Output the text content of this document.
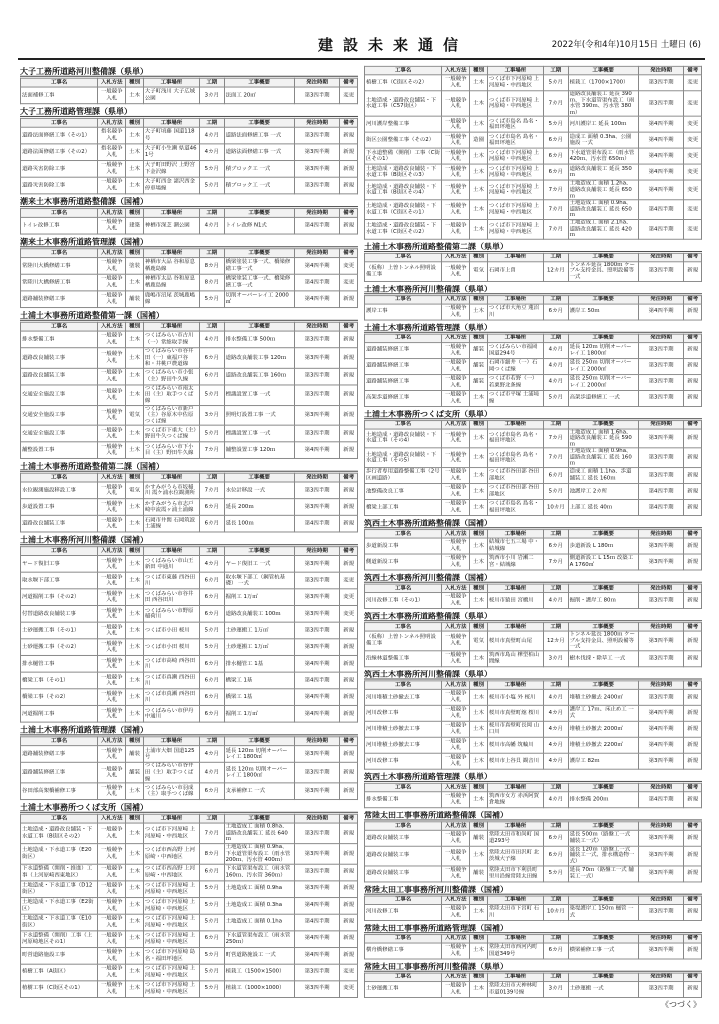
建設未来通信	2022年(令和4年)10月15日 土曜日 (6)
大子工務所道路河川整備課（県単）
工事名	入札方法	種別	工事場所	工期	工事概要	発注時期	備考
法面補修工事	一般競争入札	土木	大子町浅川 大子広域公園	3カ月	法面工 20㎡	第3四半期	変更
大子工務所道路管理課（県単）
工事名	入札方法	種別	工事場所	工期	工事概要	発注時期	備考
道路法面修繕工事（その1）	指名競争入札	土木	大子町頃藤 国道118号	4カ月	道路法面修繕工事 一式	第3四半期	新規
道路法面修繕工事（その2）	指名競争入札	土木	大子町小生瀬 県道461号	4カ月	道路法面修繕工事 一式	第3四半期	新規
道路災害防除工事	一般競争入札	土木	大子町田野沢 上野宮下金沢線	5カ月	積ブロック工 一式	第3四半期	新規
道路災害防除工事	一般競争入札	土木	大子町西金 諸沢西金停車場線	5カ月	積ブロック工 一式	第3四半期	新規
潮来土木事務所道路整備課（国補）
工事名	入札方法	種別	工事場所	工期	工事概要	発注時期	備考
トイレ改修工事	一般競争入札	建築	神栖市深芝 潮公園	4カ月	トイレ改修 N1式	第4四半期	新規
潮来土木事務所道路管理課（国補）
工事名	入札方法	種別	工事場所	工期	工事概要	発注時期	備考
常陸川大橋修繕工事	一般競争入札	塗装	神栖市大品 谷和原息栖鹿島線	8カ月	橋梁塗装工事一式、橋梁修繕工事一式	第4四半期	変更
常陸川大橋修繕工事	一般競争入札	土木	神栖市太品 谷和原息栖鹿島線	8カ月	橋梁塗装工事一式、橋梁修繕工事一式	第4四半期	変更
道路舗装修繕工事	一般競争入札	舗装	鹿嶋市沼尾 茨城鹿嶋線	5カ月	切削オーバーレイ工 2000㎡	第4四半期	新規
土浦土木事務所道路整備第一課（国補）
工事名	入札方法	種別	工事場所	工期	工事概要	発注時期	備考
排水整備工事	一般競争入札	土木	つくばみらい市古川（一）常総取手線	4カ月	排水整備工事 500ｍ	第3四半期	新規
道路改良舗装工事	一般競争入札	土木	つくばみらい市谷井田（一）東福戸谷和・井桃戸農道線	6カ月	道路改良舗装工事 120ｍ	第3四半期	新規
道路改良舗装工事	一般競争入札	土木	つくばみらい市小張（主）野田牛久線	6カ月	道路改良舗装工事 160ｍ	第3四半期	新規
交通安全施設工事	一般競争入札	土木	つくばみらい市南太田（主）取手つくば線	5カ月	標識設置工事 一式	第3四半期	新規
交通安全施設工事	一般競争入札	電気	つくばみらい市新戸（主）谷原木中佐原つくば線	3カ月	照明灯設置工事 一式	第3四半期	新規
交通安全施設工事	一般競争入札	土木	つくば市下重大（主）野田牛久つくば線	5カ月	標識設置工事 一式	第3四半期	新規
舗整設置工事	一般競争入札	土木	つくばみらい市下小目（主）野田牛久線	7カ月	舗整設置工事 120ｍ	第4四半期	新規
土浦土木事務所道路整備第二課（国補）
工事名	入札方法	種別	工事場所	工期	工事概要	発注時期	備考
水位観測施設移設工事	一般競争入札	電気	かすみがうら市坂稲川 霞ケ浦水位観測所	7カ月	水位計移設 一式	第3四半期	新規
歩道設置工事	一般競争入札	土木	かすみがうら市志戸崎中流霞ヶ浦土浦線	6カ月	延長 200ｍ	第3四半期	新規
道路改良舗装工事	一般競争入札	土木	石岡市井関 石岡筑波土浦線	6カ月	延長 100ｍ	第4四半期	新規
土浦土木事務所河川整備課（国補）
工事名	入札方法	種別	工事場所	工期	工事概要	発注時期	備考
ヤード復旧工事	一般競争入札	土木	つくばみらい市山王新田 中通川	4カ月	ヤード復旧工 一式	第3四半期	新規
取水堰下部工事	一般競争入札	土木	つくば市東藤 西谷田川	6カ月	取水堰下部工（鋼管杭基礎） 一式	第3四半期	変更
河道掘削工事（その2）	一般競争入札	土木	つくばみらい市谷井田 西谷田川	6カ月	掘削工 1万㎥	第3四半期	変更
付替道路改良舗装工事	一般競争入札	土木	つくばみらい市野原 稲荷川	6カ月	道路改良舗装工 100ｍ	第3四半期	変更
土砂運搬工事（その1）	一般競争入札	土木	つくば市小田 桜川	5カ月	土砂運搬工 1万㎥	第3四半期	新規
土砂運搬工事（その2）	一般競争入札	土木	つくば市小田 桜川	5カ月	土砂運搬工 1万㎥	第3四半期	新規
排水樋管工事	一般競争入札	土木	つくば市高崎 西谷田川	6カ月	排水樋管工 1基	第4四半期	新規
橋梁工事（その1）	一般競争入札	土木	つくば市真瀬 西谷田川	6カ月	橋梁工 1基	第4四半期	新規
橋梁工事（その2）	一般競争入札	土木	つくば市真瀬 西谷田川	6カ月	橋梁工 1基	第4四半期	新規
河道掘削工事	一般競争入札	土木	つくばみらい市伊丹 中通川	6カ月	掘削工 1万㎥	第4四半期	新規
土浦土木事務所道路管理課（国補）
工事名	入札方法	種別	工事場所	工期	工事概要	発注時期	備考
道路舗装修繕工事	一般競争入札	舗装	土浦市大畑 国道125号	4カ月	延長 120ｍ 切削オーバーレイ工 1800㎡	第3四半期	新規
道路舗装修繕工事	一般競争入札	舗装	つくばみらい市谷井田（主）取手つくば線	4カ月	延長 120ｍ 切削オーバーレイ工 1800㎡	第3四半期	新規
谷田部高架橋補修工事	一般競争入札	土木	つくばみらい市羽成（主）取手つくば線	6カ月	支承補修工 一式	第3四半期	新規
土浦土木事務所つくば支所（国補）
工事名	入札方法	種別	工事場所	工期	工事概要	発注時期	備考
土地造成・道路改良舗装・下水道工事（B街区その2）	一般競争入札	土木	つくば市下河原崎 上河原崎・中西地区	7カ月	土地造成工 面積 0.8ha、道路改良舗装工 延長 640ｍ	第3四半期	新規
土地造成・下水道工事（E20街区）	一般競争入札	土木	つくば市西高野 上河原崎・中西地区	8カ月	土地造成工 面積 0.9ha、下水道管渠布設工（雨水管200ｍ、汚水管 400ｍ）	第3四半期	新規
下水道整備（開削・推進）工事（上河原崎西東地区）	一般競争入札	土木	つくば市西高野 上河原崎・中西地区	6カ月	下水道管渠布設工（雨水管160ｍ、汚水管 360ｍ）	第3四半期	新規
土地造成・下水道工事（D12街区）	一般競争入札	土木	つくば市下河原崎 上河原崎・中西地区	5カ月	土地造成工 面積 0.9ha	第3四半期	新規
土地造成・下水道工事（E2街区）	一般競争入札	土木	つくば市下河原崎 上河原崎・中西地区	5カ月	土地造成工 面積 0.3ha	第4四半期	新規
土地造成・下水道工事（E10街区）	一般競争入札	土木	つくば市下河原崎 上河原崎・中西地区	5カ月	土地造成工 面積 0.1ha	第4四半期	新規
下水道整備（開削）工事（上河原崎地区その1）	一般競争入札	土木	つくば市下河原崎 上河原崎・中西地区	6カ月	下水道管渠布設工（雨水管250ｍ）	第4四半期	新規
町営道路施設工事	一般競争入札	土木	つくば市下河原崎 島名・福田坪地区	5カ月	町営道路施設工 一式	第4四半期	新規
植樹工事（A街区）	一般競争入札	土木	つくば市下河原崎 上河原崎・中西地区	5カ月	植栽工（1500×1500）	第3四半期	変更
植樹工事（C街区その1）	一般競争入札	土木	つくば市下河原崎 上河原崎・中西地区	5カ月	植栽工（1000×1000）	第3四半期	変更
工事名	入札方法	種別	工事場所	工期	工事概要	発注時期	備考
植樹工事（C街区その2）	一般競争入札	土木	つくば市下河原崎 上河原崎・中西地区	5カ月	植栽工（1700×1700）	第3四半期	変更
土地造成・道路改良舗装・下水道工事（C57街区）	一般競争入札	土木	つくば市下河原崎 上河原崎・中西地区	7カ月	道路改良舗装工 延長 390ｍ、下水道管渠布設工（雨水管 390ｍ、汚水管 380ｍ）	第3四半期	変更
河川護岸整備工事	一般競争入札	土木	つくば市島名 島名・福田坪地区	5カ月	河川護岸工 延長 100ｍ	第4四半期	変更
街区公園整備工事（その2）	一般競争入札	造園	つくば市島名 島名・福田坪地区	6カ月	造成工 面積 0.3ha、公園施設 一式	第4四半期	変更
下水道整備（開削）工事（C街区その1）	一般競争入札	土木	つくば市下河原崎 上河原崎・中西地区	6カ月	下水道管渠布設工（雨水管 420ｍ、汚水管 650ｍ）	第4四半期	変更
土地造成・道路改良舗装・下水道工事（B街区その3）	一般競争入札	土木	つくば市下河原崎 上河原崎・中西地区	6カ月	道路改良舗装工 延長 350ｍ	第4四半期	変更
土地造成・道路改良舗装・下水道工事（B街区その4）	一般競争入札	土木	つくば市下河原崎 上河原崎・中西地区	7カ月	土地造成工 面積 1.2ha、道路改良舗装工 延長 650ｍ	第4四半期	変更
土地造成・道路改良舗装・下水道工事（C街区その1）	一般競争入札	土木	つくば市下河原崎 上河原崎・中西地区	7カ月	土地造成工 面積 0.9ha、道路改良舗装工 延長 650ｍ	第4四半期	変更
土地造成・道路改良舗装・下水道工事（C街区その2）	一般競争入札	土木	つくば市下河原崎 上河原崎・中西地区	7カ月	土地造成工 面積 2.1ha、道路改良舗装工 延長 420ｍ	第4四半期	変更
土浦土木事務所道路整備第二課（県単）
工事名	入札方法	種別	工事場所	工期	工事概要	発注時期	備考
（仮称）上曽トンネル照明設備工事	一般競争入札	電気	石岡市上曽	12カ月	トンネル延長 1800ｍ ケーブル支持金具、照明設備等 一式	第3四半期	新規
土浦土木事務所河川整備課（県単）
工事名	入札方法	種別	工事場所	工期	工事概要	発注時期	備考
護岸工事	一般競争入札	土木	つくば市大角豆 蓮沼川	6カ月	護岸工 50ｍ	第4四半期	新規
土浦土木事務所道路管理課（県単）
工事名	入札方法	種別	工事場所	工期	工事概要	発注時期	備考
道路舗装修繕工事	一般競争入札	舗装	つくばみらい市福岡 国道294号	4カ月	延長 120ｍ 切削オーバーレイ工 1800㎡	第3四半期	新規
道路舗装修繕工事	一般競争入札	舗装	石岡市細井（一）石岡つくば線	4カ月	延長 250ｍ 切削オーバーレイ工 2000㎡	第3四半期	新規
道路舗装修繕工事	一般競争入札	舗装	つくば市若野（一）若栗野北条線	4カ月	延長 250ｍ 切削オーバーレイ工 2000㎡	第3四半期	新規
高架歩道修繕工事	一般競争入札	土木	つくば市平塚 土浦境線	5カ月	高架歩道修繕工 一式	第3四半期	新規
土浦土木事務所つくば支所（県単）
工事名	入札方法	種別	工事場所	工期	工事概要	発注時期	備考
土地造成・道路改良舗装・下水道工事（その4）	一般競争入札	土木	つくば市島名 島名・福田坪地区	7カ月	土地造成工 面積 1.6ha、道路改良舗装工 延長 590ｍ	第3四半期	新規
土地造成・道路改良舗装・下水道工事（その5）	一般競争入札	土木	つくば市島名 島名・福田坪地区	7カ月	土地造成工 面積 0.9ha、道路改良舗装工 延長 160ｍ	第3四半期	新規
歩行者専用道路整備工事（2号区画道路）	一般競争入札	土木	つくば市谷田部 谷田部地区	6カ月	造成工 面積 1.1ha、歩道舗装工 延長 160ｍ	第3四半期	新規
池整備改良工事	一般競争入札	土木	つくば市谷田部 谷田部地区	5カ月	池護岸工 2カ所	第4四半期	新規
橋梁上部工事	一般競争入札	土木	つくば市島名 島名・福田坪地区	10カ月	上部工 延長 40ｍ	第4四半期	新規
筑西土木事務所道路整備課（国補）
工事名	入札方法	種別	工事場所	工期	工事概要	発注時期	備考
歩道新設工事	一般競争入札	土木	結城市七五三場 中・結城線	6カ月	歩道新設 L 180ｍ	第3四半期	新規
側道新設工事	一般競争入札	土木	筑西市小川 岩瀬二宮・結城線	7カ月	側道新設工 L 15ｍ 改築工 A 1760㎡	第3四半期	新規
筑西土木事務所河川整備課（国補）
工事名	入札方法	種別	工事場所	工期	工事概要	発注時期	備考
河川改修工事（その1）	一般競争入札	土木	桜川市猿田 宮橋川	4カ月	掘削・護岸工 80ｍ	第3四半期	新規
筑西土木事務所道路整備課（県単）
工事名	入札方法	種別	工事場所	工期	工事概要	発注時期	備考
（仮称）上曽トンネル照明設備工事	一般競争入札	電気	桜川市真壁町山尾	12カ月	トンネル延長 1800ｍ ケーブル支持金具、照明設備等 一式	第3四半期	新規
沿線林道整備工事	一般競争入札	土木	筑西市島山 樺型柏山間線	3カ月	樹木伐採・除草工 一式	第3四半期	新規
筑西土木事務所河川整備課（県単）
工事名	入札方法	種別	工事場所	工期	工事概要	発注時期	備考
河川堆積土砂撤去工事	一般競争入札	土木	桜川市小塩 外 桜川	4カ月	堆積土砂撤去 2400㎥	第3四半期	新規
河川改修工事	一般競争入札	土木	桜川市真壁町舘 桜川	4カ月	護岸工 17ｍ、床止め工 一式	第4四半期	新規
河川堆積土砂撤去工事	一般競争入札	土木	桜川市真壁町長岡 山口川	4カ月	堆積土砂撤去 2000㎥	第4四半期	新規
河川堆積土砂撤去工事	一般競争入札	土木	桜川市高幡 筑輪川	4カ月	堆積土砂撤去 2200㎥	第4四半期	新規
河川改修工事	一般競争入札	土木	桜川市上谷貝 観音川	4カ月	護岸工 82ｍ	第3四半期	新規
筑西土木事務所道路管理課（県単）
工事名	入札方法	種別	工事場所	工期	工事概要	発注時期	備考
排水整備工事	一般競争入札	土木	筑西市女方 赤浜阿賀倉地線	4カ月	排水整備 200ｍ	第4四半期	新規
常陸太田工事事務所道路整備課（国補）
工事名	入札方法	種別	工事場所	工期	工事概要	発注時期	備考
道路改良舗装工事	一般競争入札	舗装	常陸太田市和尚町 国道293号	6カ月	延長 500ｍ（路盤工一式 舗装工一式）	第3四半期	新規
道路改良舗装工事	一般競争入札	土木	常陸太田市田沢町 北茨城大子線	6カ月	延長 120ｍ（路盤工一式 舗装工一式、排水構造物一式）	第3四半期	新規
道路改良舗装工事	一般競争入札	舗装	常陸太田市下利員町 里川沿線常陸太田線	5カ月	延長 70ｍ（路盤工一式 舗装工一式）	第3四半期	新規
常陸太田工事事務所河川整備課（国補）
工事名	入札方法	種別	工事場所	工期	工事概要	発注時期	備考
河川改修工事	一般競争入札	土木	常陸太田市下宮町 石川	10カ月	築堤護岸工 150ｍ 樋管 一式	第3四半期	新規
常陸太田工事事務所道路管理課（国補）
工事名	入札方法	種別	工事場所	工期	工事概要	発注時期	備考
横舟橋修繕工事	一般競争入札	土木	常陸太田市西河内町 国道349号	6カ月	横梁補修工事 一式	第3四半期	新規
常陸太田工事事務所河川整備課（県単）
工事名	入札方法	種別	工事場所	工期	工事概要	発注時期	備考
土砂運搬工事	一般競争入札	土木	常陸太田市天神林町 市道0139号線	3カ月	土砂運搬 一式	第3四半期	新規
《つづく》
